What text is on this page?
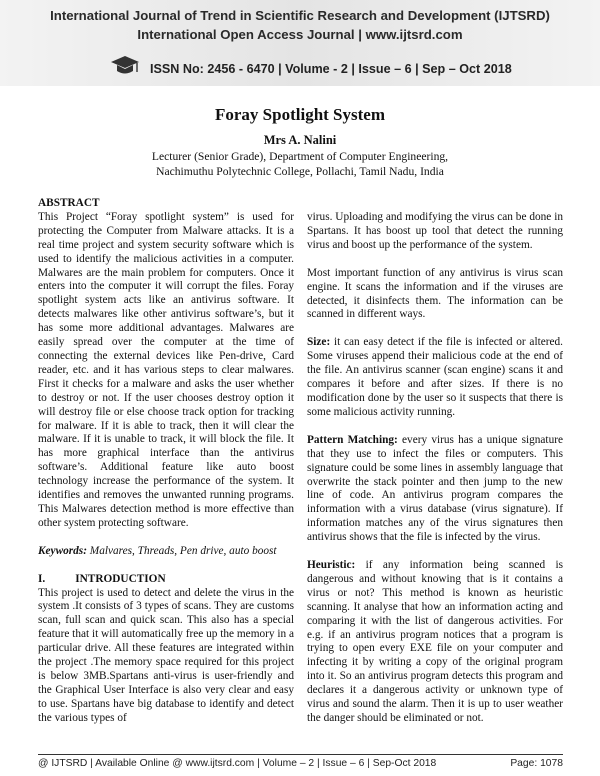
International Journal of Trend in Scientific Research and Development (IJTSRD)
International Open Access Journal | www.ijtsrd.com
ISSN No: 2456 - 6470 | Volume - 2 | Issue – 6 | Sep – Oct 2018
Foray Spotlight System
Mrs A. Nalini
Lecturer (Senior Grade), Department of Computer Engineering,
Nachimuthu Polytechnic College, Pollachi, Tamil Nadu, India

ABSTRACT

This Project “Foray spotlight system” is used for protecting the Computer from Malware attacks. It is a real time project and system security software which is used to identify the malicious activities in a computer. Malwares are the main problem for computers. Once it enters into the computer it will corrupt the files. Foray spotlight system acts like an antivirus software. It detects malwares like other antivirus software’s, but it has some more additional advantages. Malwares are easily spread over the computer at the time of connecting the external devices like Pen-drive, Card reader, etc. and it has various steps to clear malwares. First it checks for a malware and asks the user whether to destroy or not. If the user chooses destroy option it will destroy file or else choose track option for tracking for malware. If it is able to track, then it will clear the malware. If it is unable to track, it will block the file. It has more graphical interface than the antivirus software’s. Additional feature like auto boost technology increase the performance of the system. It identifies and removes the unwanted running programs. This Malwares detection method is more effective than other system protecting software.

Keywords: Malvares, Threads, Pen drive, auto boost

I.	INTRODUCTION

This project is used to detect and delete the virus in the system .It consists of 3 types of scans. They are customs scan, full scan and quick scan. This also has a special feature that it will automatically free up the memory in a particular drive. All these features are integrated within the project .The memory space required for this project is below 3MB.Spartans anti-virus is user-friendly and the Graphical User Interface is also very clear and easy to use. Spartans have big database to identify and detect the various types of

virus. Uploading and modifying the virus can be done in Spartans. It has boost up tool that detect the running virus and boost up the performance of the system.

Most important function of any antivirus is virus scan engine. It scans the information and if the viruses are detected, it disinfects them. The information can be scanned in different ways.

Size: it can easy detect if the file is infected or altered. Some viruses append their malicious code at the end of the file. An antivirus scanner (scan engine) scans it and compares it before and after sizes. If there is no modification done by the user so it suspects that there is some malicious activity running.

Pattern Matching: every virus has a unique signature that they use to infect the files or computers. This signature could be some lines in assembly language that overwrite the stack pointer and then jump to the new line of code. An antivirus program compares the information with a virus database (virus signature). If information matches any of the virus signatures then antivirus shows that the file is infected by the virus.

Heuristic: if any information being scanned is dangerous and without knowing that is it contains a virus or not? This method is known as heuristic scanning. It analyse that how an information acting and comparing it with the list of dangerous activities. For e.g. if an antivirus program notices that a program is trying to open every EXE file on your computer and infecting it by writing a copy of the original program into it. So an antivirus program detects this program and declares it a dangerous activity or unknown type of virus and sound the alarm. Then it is up to user weather the danger should be eliminated or not.

@ IJTSRD | Available Online @ www.ijtsrd.com | Volume – 2 | Issue – 6 | Sep-Oct 2018	Page: 1078
